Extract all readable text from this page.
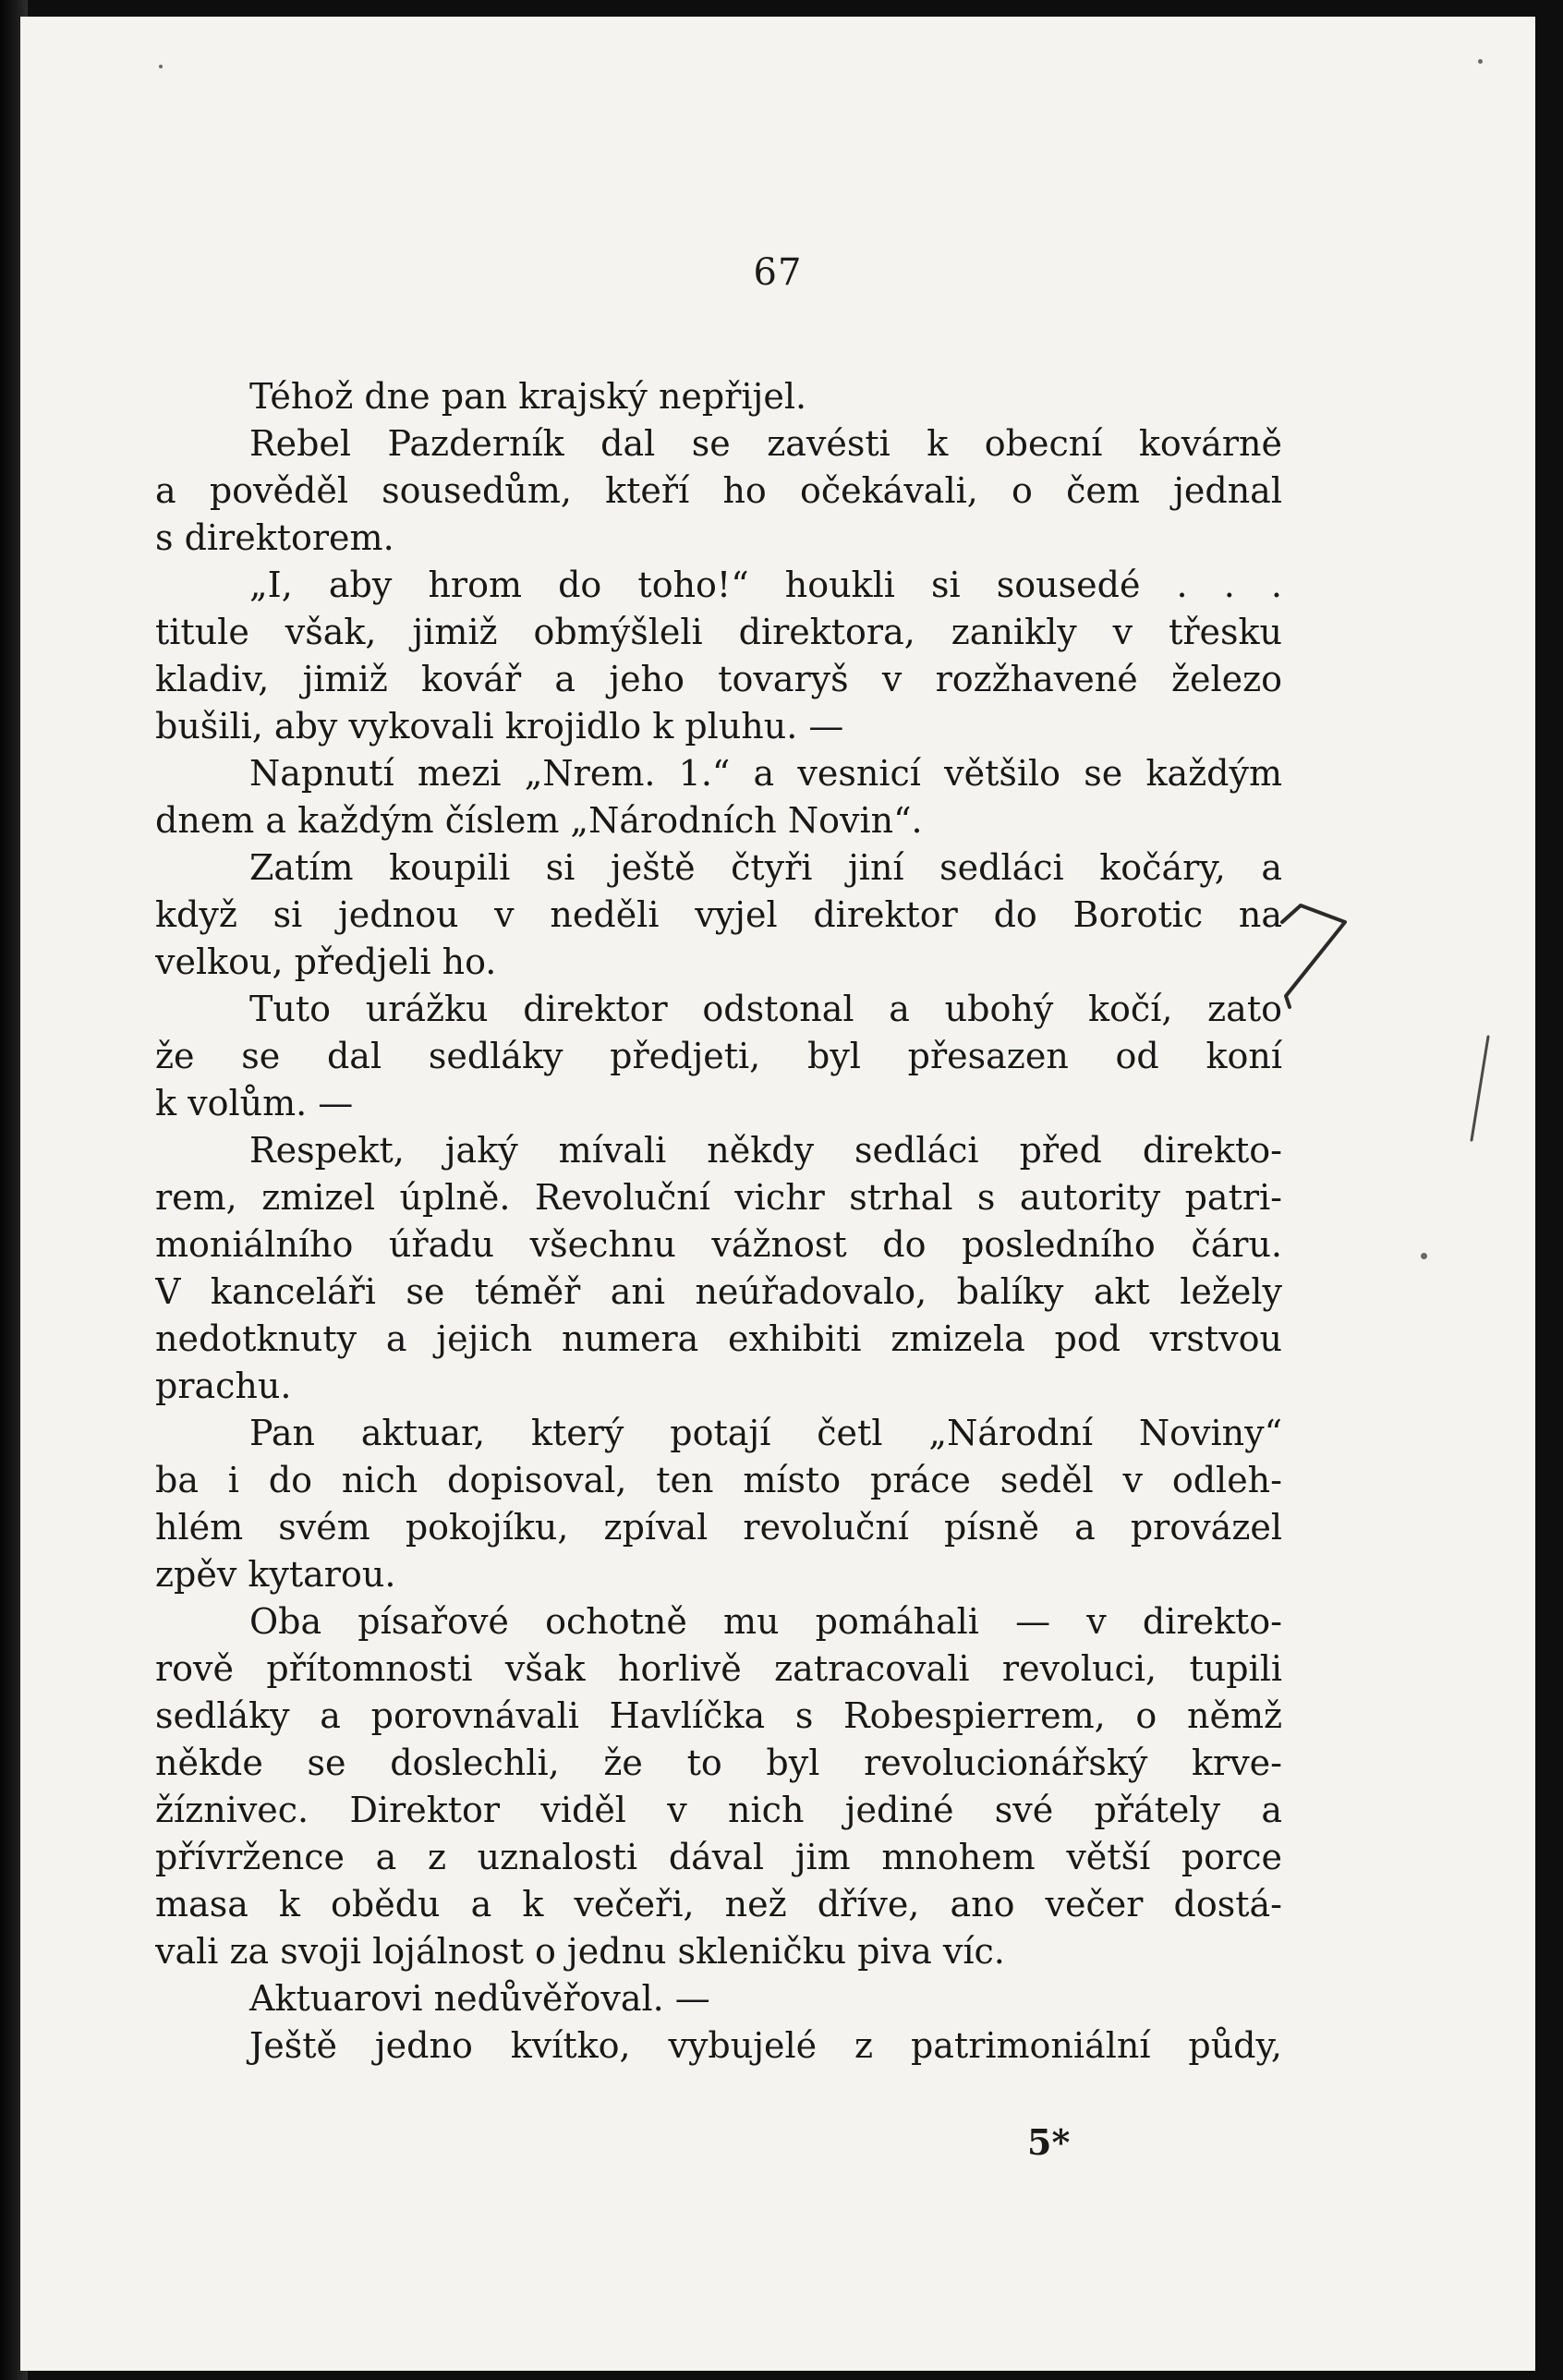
67
Téhož dne pan krajský nepřijel.
Rebel Pazderník dal se zavésti k obecní kovárně
a pověděl sousedům, kteří ho očekávali, o čem jednal
s direktorem.
„I, aby hrom do toho!“ houkli si sousedé . . .
titule však, jimiž obmýšleli direktora, zanikly v třesku
kladiv, jimiž kovář a jeho tovaryš v rozžhavené železo
bušili, aby vykovali krojidlo k pluhu. —
Napnutí mezi „Nrem. 1.“ a vesnicí většilo se každým
dnem a každým číslem „Národních Novin“.
Zatím koupili si ještě čtyři jiní sedláci kočáry, a
když si jednou v neděli vyjel direktor do Borotic na
velkou, předjeli ho.
Tuto urážku direktor odstonal a ubohý kočí, zato
že se dal sedláky předjeti, byl přesazen od koní
k volům. —
Respekt, jaký mívali někdy sedláci před direkto-
rem, zmizel úplně. Revoluční vichr strhal s autority patri-
moniálního úřadu všechnu vážnost do posledního čáru.
V kanceláři se téměř ani neúřadovalo, balíky akt ležely
nedotknuty a jejich numera exhibiti zmizela pod vrstvou
prachu.
Pan aktuar, který potají četl „Národní Noviny“
ba i do nich dopisoval, ten místo práce seděl v odleh-
hlém svém pokojíku, zpíval revoluční písně a provázel
zpěv kytarou.
Oba písařové ochotně mu pomáhali — v direkto-
rově přítomnosti však horlivě zatracovali revoluci, tupili
sedláky a porovnávali Havlíčka s Robespierrem, o němž
někde se doslechli, že to byl revolucionářský krve-
žíznivec. Direktor viděl v nich jediné své přátely a
přívržence a z uznalosti dával jim mnohem větší porce
masa k obědu a k večeři, než dříve, ano večer dostá-
vali za svoji lojálnost o jednu skleničku piva víc.
Aktuarovi nedůvěřoval. —
Ještě jedno kvítko, vybujelé z patrimoniální půdy,
5*
